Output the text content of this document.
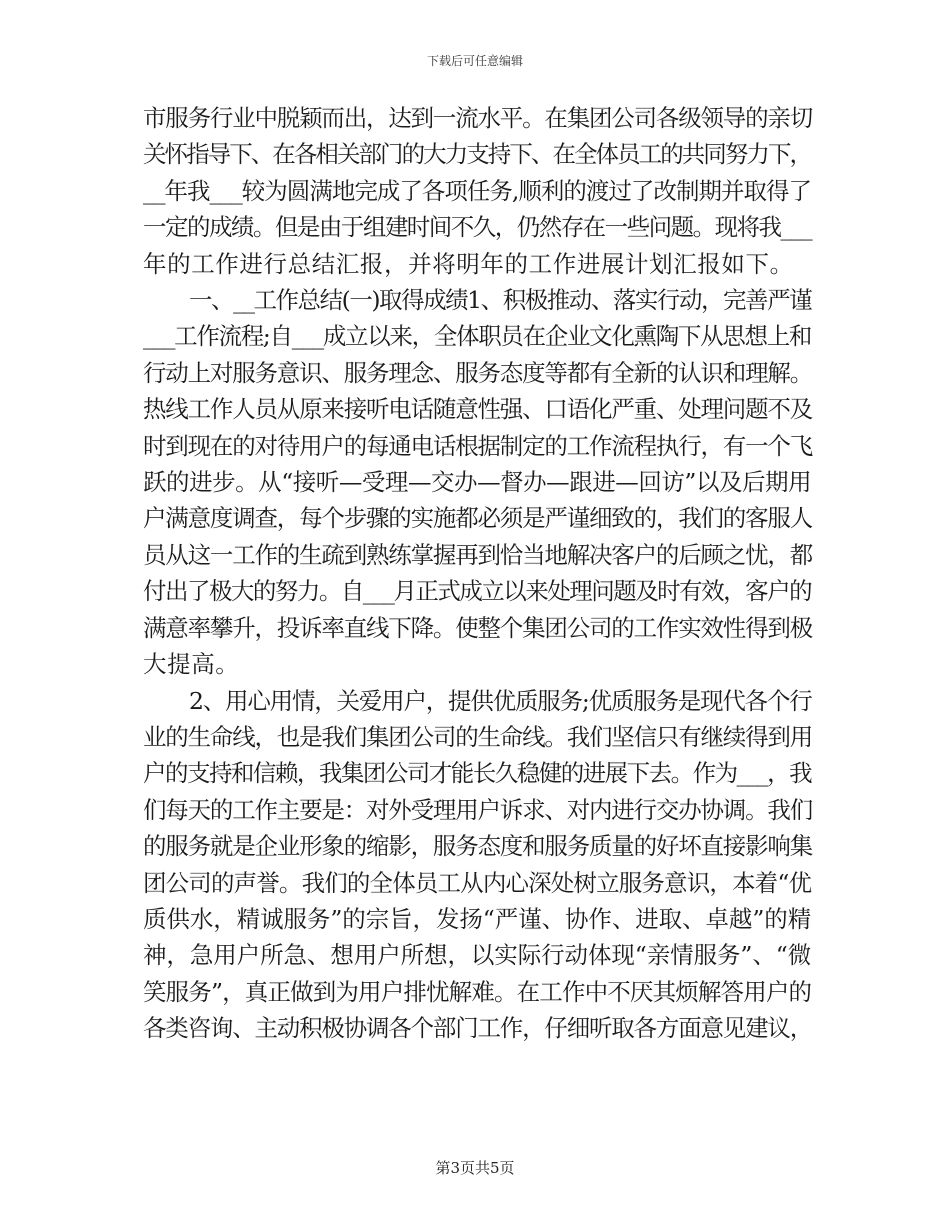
下载后可任意编辑
市服务行业中脱颖而出，达到一流水平。在集团公司各级领导的亲切
关怀指导下、在各相关部门的大力支持下、在全体员工的共同努力下，
__年我___较为圆满地完成了各项任务,顺利的渡过了改制期并取得了
一定的成绩。但是由于组建时间不久，仍然存在一些问题。现将我___
年的工作进行总结汇报，并将明年的工作进展计划汇报如下。
一、__工作总结(一)取得成绩1、积极推动、落实行动，完善严谨
___工作流程;自___成立以来，全体职员在企业文化熏陶下从思想上和
行动上对服务意识、服务理念、服务态度等都有全新的认识和理解。
热线工作人员从原来接听电话随意性强、口语化严重、处理问题不及
时到现在的对待用户的每通电话根据制定的工作流程执行，有一个飞
跃的进步。从“接听—受理—交办—督办—跟进—回访”以及后期用
户满意度调查，每个步骤的实施都必须是严谨细致的，我们的客服人
员从这一工作的生疏到熟练掌握再到恰当地解决客户的后顾之忧，都
付出了极大的努力。自___月正式成立以来处理问题及时有效，客户的
满意率攀升，投诉率直线下降。使整个集团公司的工作实效性得到极
大提高。
2、用心用情，关爱用户，提供优质服务;优质服务是现代各个行
业的生命线，也是我们集团公司的生命线。我们坚信只有继续得到用
户的支持和信赖，我集团公司才能长久稳健的进展下去。作为___，我
们每天的工作主要是：对外受理用户诉求、对内进行交办协调。我们
的服务就是企业形象的缩影，服务态度和服务质量的好坏直接影响集
团公司的声誉。我们的全体员工从内心深处树立服务意识，本着“优
质供水，精诚服务”的宗旨，发扬“严谨、协作、进取、卓越”的精
神，急用户所急、想用户所想，以实际行动体现“亲情服务”、“微
笑服务”，真正做到为用户排忧解难。在工作中不厌其烦解答用户的
各类咨询、主动积极协调各个部门工作，仔细听取各方面意见建议，
第3页共5页
